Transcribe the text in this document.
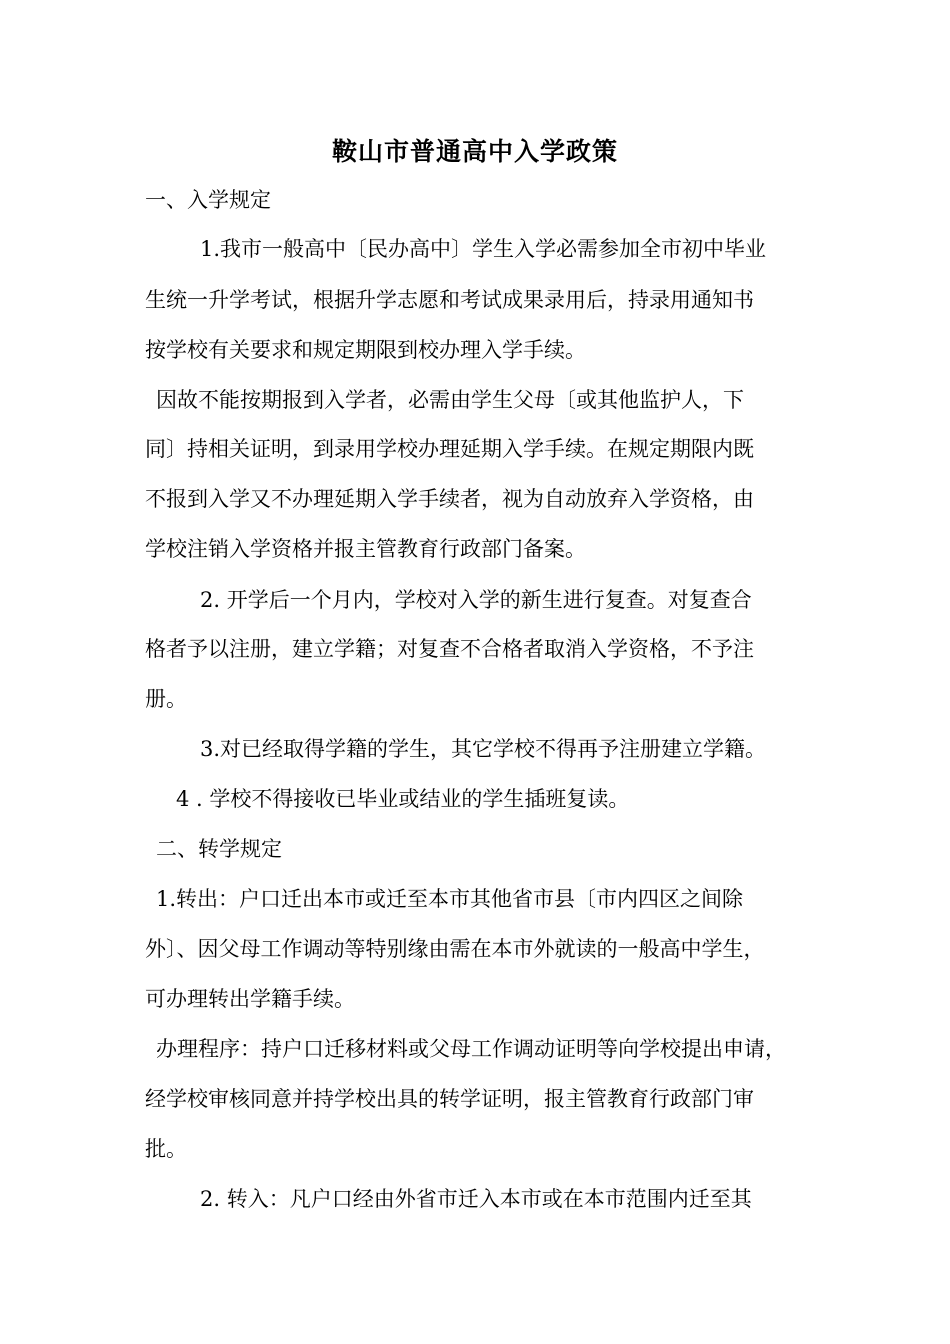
鞍山市普通高中入学政策
一、入学规定
1.我市一般高中〔民办高中〕学生入学必需参加全市初中毕业
生统一升学考试，根据升学志愿和考试成果录用后，持录用通知书
按学校有关要求和规定期限到校办理入学手续。
因故不能按期报到入学者，必需由学生父母〔或其他监护人，下
同〕持相关证明，到录用学校办理延期入学手续。在规定期限内既
不报到入学又不办理延期入学手续者，视为自动放弃入学资格，由
学校注销入学资格并报主管教育行政部门备案。
2. 开学后一个月内，学校对入学的新生进行复查。对复查合
格者予以注册，建立学籍；对复查不合格者取消入学资格，不予注
册。
3.对已经取得学籍的学生，其它学校不得再予注册建立学籍。
4 . 学校不得接收已毕业或结业的学生插班复读。
二、转学规定
1.转出：户口迁出本市或迁至本市其他省市县〔市内四区之间除
外〕、因父母工作调动等特别缘由需在本市外就读的一般高中学生，
可办理转出学籍手续。
办理程序：持户口迁移材料或父母工作调动证明等向学校提出申请，
经学校审核同意并持学校出具的转学证明，报主管教育行政部门审
批。
2. 转入：凡户口经由外省市迁入本市或在本市范围内迁至其
